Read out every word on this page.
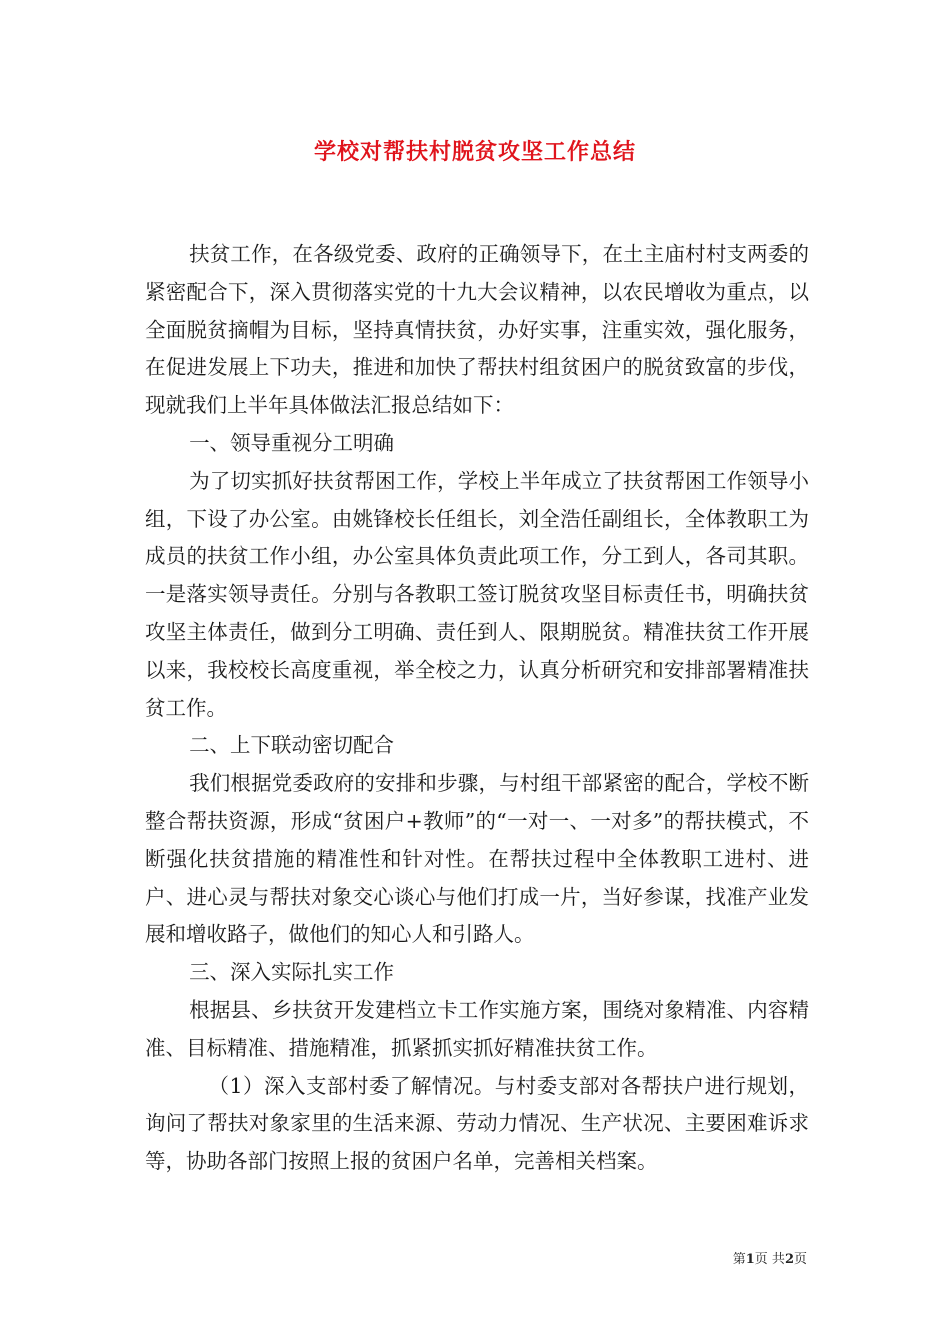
学校对帮扶村脱贫攻坚工作总结

扶贫工作，在各级党委、政府的正确领导下，在土主庙村村支两委的紧密配合下，深入贯彻落实党的十九大会议精神，以农民增收为重点，以全面脱贫摘帽为目标，坚持真情扶贫，办好实事，注重实效，强化服务，在促进发展上下功夫，推进和加快了帮扶村组贫困户的脱贫致富的步伐，现就我们上半年具体做法汇报总结如下：

一、领导重视分工明确

为了切实抓好扶贫帮困工作，学校上半年成立了扶贫帮困工作领导小组，下设了办公室。由姚锋校长任组长，刘全浩任副组长，全体教职工为成员的扶贫工作小组，办公室具体负责此项工作，分工到人，各司其职。一是落实领导责任。分别与各教职工签订脱贫攻坚目标责任书，明确扶贫攻坚主体责任，做到分工明确、责任到人、限期脱贫。精准扶贫工作开展以来，我校校长高度重视，举全校之力，认真分析研究和安排部署精准扶贫工作。

二、上下联动密切配合

我们根据党委政府的安排和步骤，与村组干部紧密的配合，学校不断整合帮扶资源，形成“贫困户+教师”的“一对一、一对多”的帮扶模式，不断强化扶贫措施的精准性和针对性。在帮扶过程中全体教职工进村、进户、进心灵与帮扶对象交心谈心与他们打成一片，当好参谋，找准产业发展和增收路子，做他们的知心人和引路人。

三、深入实际扎实工作

根据县、乡扶贫开发建档立卡工作实施方案，围绕对象精准、内容精准、目标精准、措施精准，抓紧抓实抓好精准扶贫工作。

（1）深入支部村委了解情况。与村委支部对各帮扶户进行规划，询问了帮扶对象家里的生活来源、劳动力情况、生产状况、主要困难诉求等，协助各部门按照上报的贫困户名单，完善相关档案。

第1页 共2页
